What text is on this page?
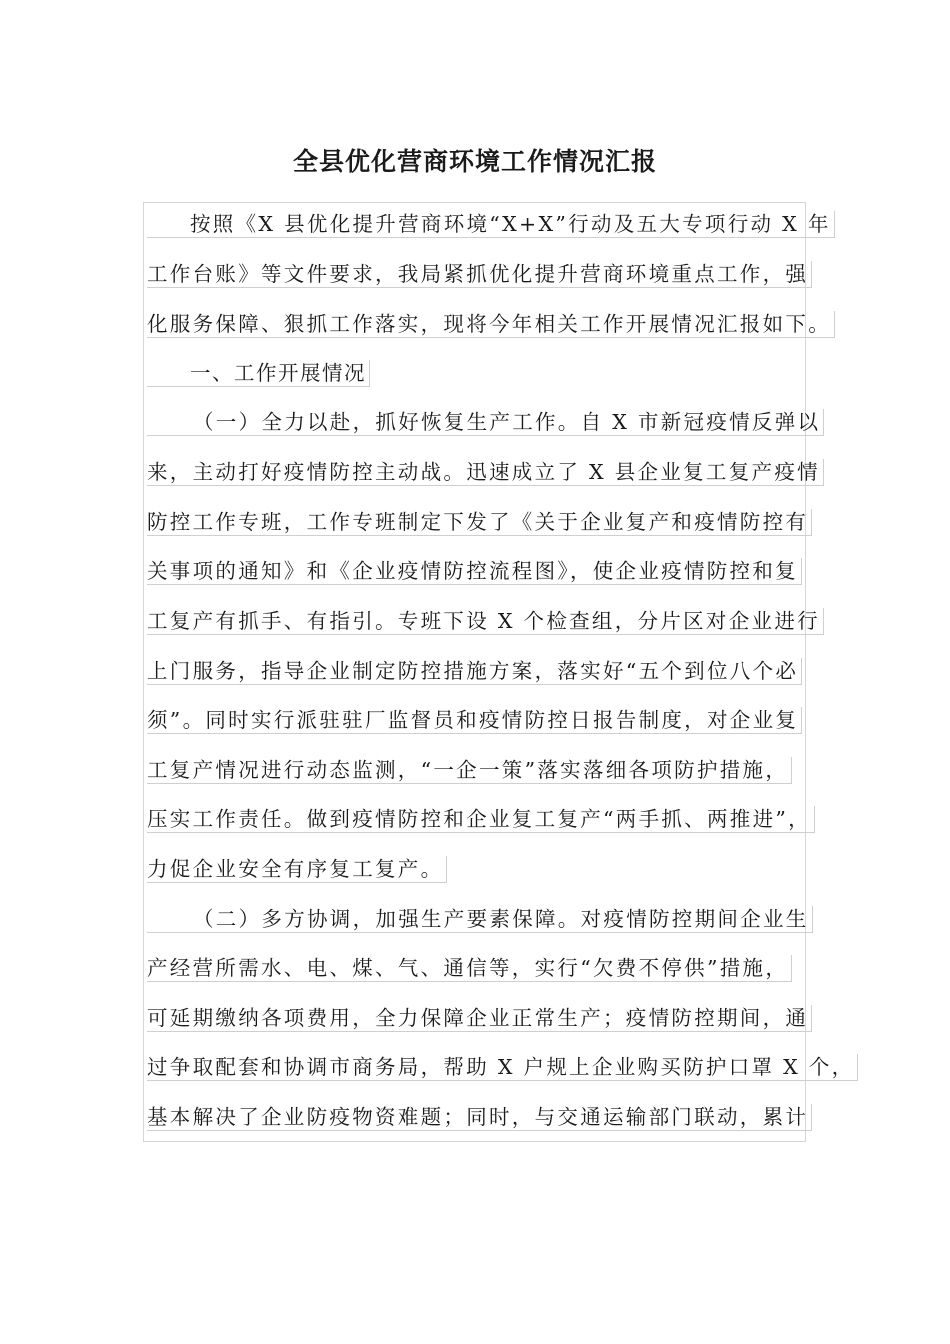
全县优化营商环境工作情况汇报
按照《X 县优化提升营商环境“X+X”行动及五大专项行动 X 年
工作台账》等文件要求，我局紧抓优化提升营商环境重点工作，强
化服务保障、狠抓工作落实，现将今年相关工作开展情况汇报如下。
一、工作开展情况
（一）全力以赴，抓好恢复生产工作。自 X 市新冠疫情反弹以
来，主动打好疫情防控主动战。迅速成立了 X 县企业复工复产疫情
防控工作专班，工作专班制定下发了《关于企业复产和疫情防控有
关事项的通知》和《企业疫情防控流程图》，使企业疫情防控和复
工复产有抓手、有指引。专班下设 X 个检查组，分片区对企业进行
上门服务，指导企业制定防控措施方案，落实好“五个到位八个必
须”。同时实行派驻驻厂监督员和疫情防控日报告制度，对企业复
工复产情况进行动态监测，“一企一策”落实落细各项防护措施，
压实工作责任。做到疫情防控和企业复工复产“两手抓、两推进”，
力促企业安全有序复工复产。
（二）多方协调，加强生产要素保障。对疫情防控期间企业生
产经营所需水、电、煤、气、通信等，实行“欠费不停供”措施，
可延期缴纳各项费用，全力保障企业正常生产；疫情防控期间，通
过争取配套和协调市商务局，帮助 X 户规上企业购买防护口罩 X 个，
基本解决了企业防疫物资难题；同时，与交通运输部门联动，累计
